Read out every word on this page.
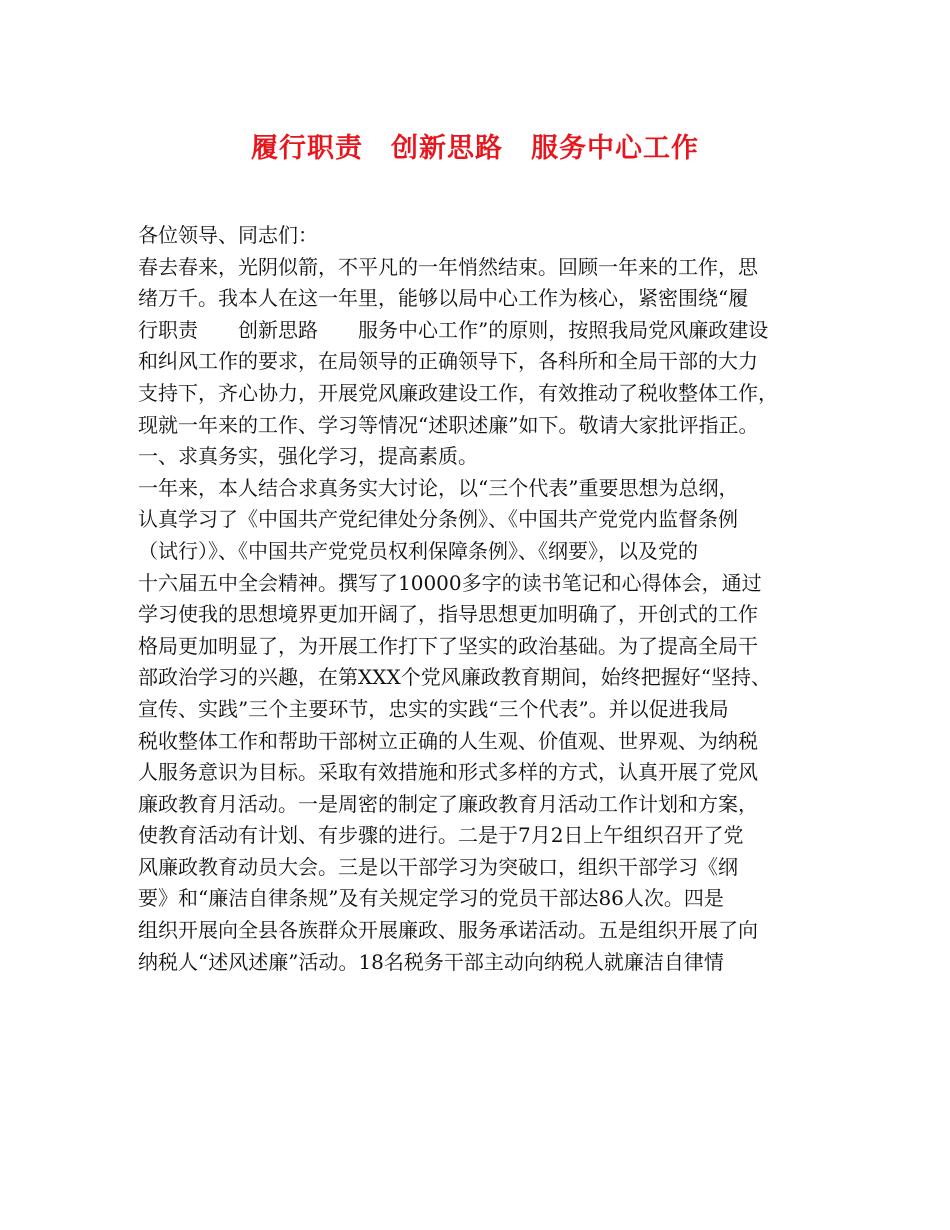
履行职责　创新思路　服务中心工作
各位领导、同志们：
春去春来，光阴似箭，不平凡的一年悄然结束。回顾一年来的工作，思
绪万千。我本人在这一年里，能够以局中心工作为核心，紧密围绕“履
行职责　　创新思路　　服务中心工作”的原则，按照我局党风廉政建设
和纠风工作的要求，在局领导的正确领导下，各科所和全局干部的大力
支持下，齐心协力，开展党风廉政建设工作，有效推动了税收整体工作，
现就一年来的工作、学习等情况“述职述廉”如下。敬请大家批评指正。
一、求真务实，强化学习，提高素质。
一年来，本人结合求真务实大讨论，以“三个代表”重要思想为总纲，
认真学习了《中国共产党纪律处分条例》、《中国共产党党内监督条例
（试行）》、《中国共产党党员权利保障条例》、《纲要》，以及党的
十六届五中全会精神。撰写了10000多字的读书笔记和心得体会，通过
学习使我的思想境界更加开阔了，指导思想更加明确了，开创式的工作
格局更加明显了，为开展工作打下了坚实的政治基础。为了提高全局干
部政治学习的兴趣，在第XXX个党风廉政教育期间，始终把握好“坚持、
宣传、实践”三个主要环节，忠实的实践“三个代表”。并以促进我局
税收整体工作和帮助干部树立正确的人生观、价值观、世界观、为纳税
人服务意识为目标。采取有效措施和形式多样的方式，认真开展了党风
廉政教育月活动。一是周密的制定了廉政教育月活动工作计划和方案，
使教育活动有计划、有步骤的进行。二是于7月2日上午组织召开了党
风廉政教育动员大会。三是以干部学习为突破口，组织干部学习《纲
要》和“廉洁自律条规”及有关规定学习的党员干部达86人次。四是
组织开展向全县各族群众开展廉政、服务承诺活动。五是组织开展了向
纳税人“述风述廉”活动。18名税务干部主动向纳税人就廉洁自律情
